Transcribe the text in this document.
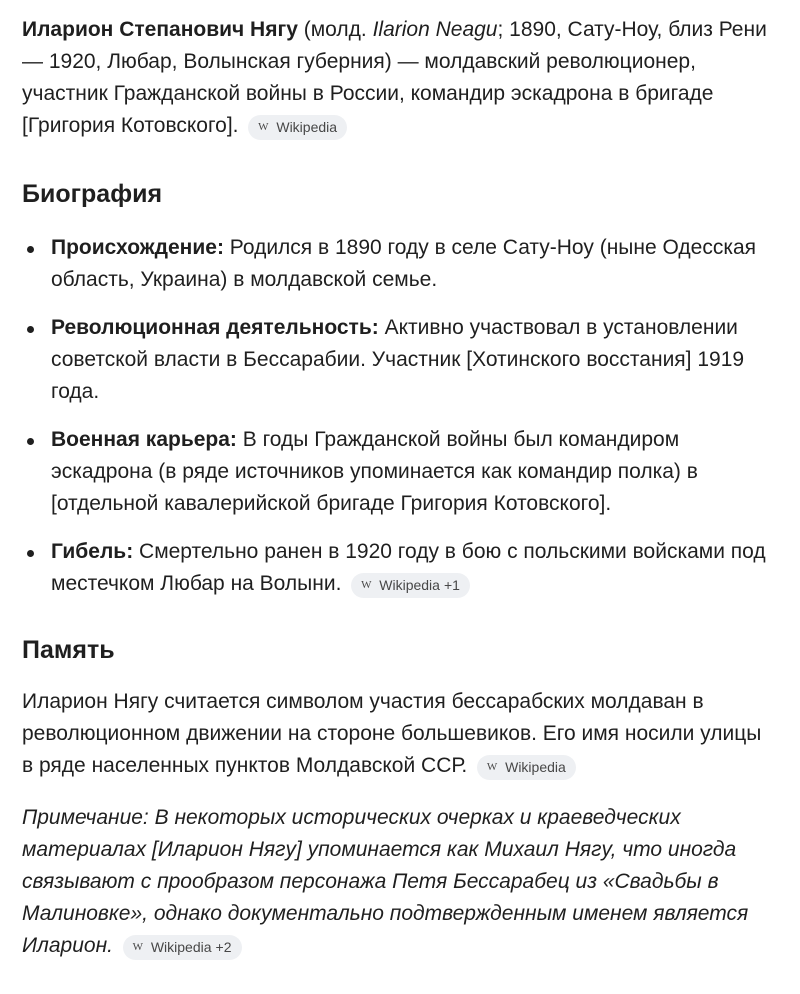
Иларион Степанович Нягу (молд. Ilarion Neagu; 1890, Сату-Ноу, близ Рени — 1920, Любар, Волынская губерния) — молдавский революционер, участник Гражданской войны в России, командир эскадрона в бригаде [Григория Котовского]. W Wikipedia

Биография
Происхождение: Родился в 1890 году в селе Сату-Ноу (ныне Одесская область, Украина) в молдавской семье.
Революционная деятельность: Активно участвовал в установлении советской власти в Бессарабии. Участник [Хотинского восстания] 1919 года.
Военная карьера: В годы Гражданской войны был командиром эскадрона (в ряде источников упоминается как командир полка) в [отдельной кавалерийской бригаде Григория Котовского].
Гибель: Смертельно ранен в 1920 году в бою с польскими войсками под местечком Любар на Волыни. W Wikipedia +1
Память

Иларион Нягу считается символом участия бессарабских молдаван в революционном движении на стороне большевиков. Его имя носили улицы в ряде населенных пунктов Молдавской ССР. W Wikipedia

Примечание: В некоторых исторических очерках и краеведческих материалах [Иларион Нягу] упоминается как Михаил Нягу, что иногда связывают с прообразом персонажа Петя Бессарабец из «Свадьбы в Малиновке», однако документально подтвержденным именем является Иларион. W Wikipedia +2
